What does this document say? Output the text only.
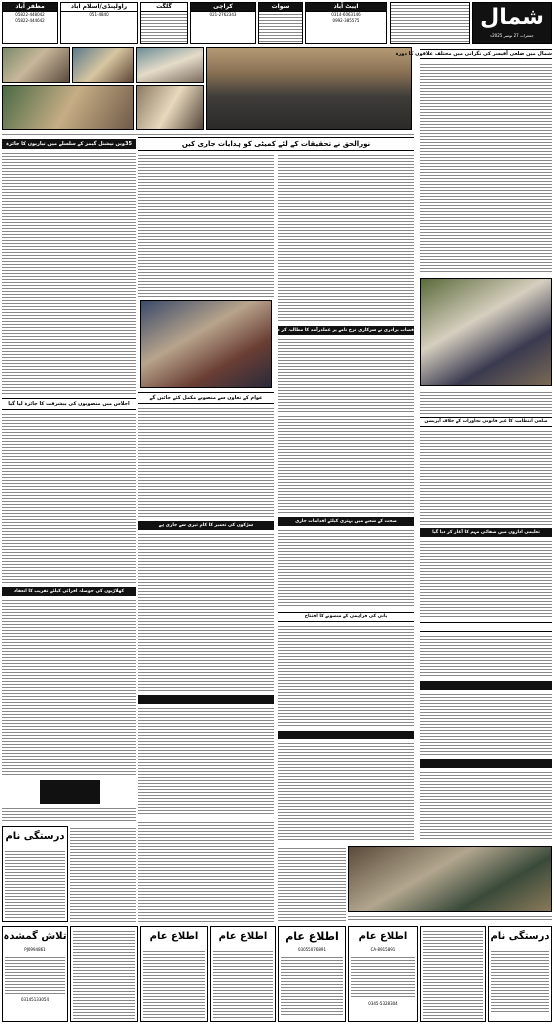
شمال
جمعرات 27 نومبر 2025ء
ایبٹ آباد
0314-6063146
0992-385575
سوات
کراچی
021-2762343
گلگت
راولپنڈی/اسلام آباد
051-4840
مظفر آباد
05822-448042
05822-444642
شمال میں ضلعی آفیسر کی نگرانی میں مختلف علاقوں کا دورہ
35ویں نیشنل گیمز کے سلسلے میں تیاریوں کا جائزہ	نورالحق نے تحقیقات کے لئے کمیٹی کو ہدایات جاری کیں
قصاب برادری نے سرکاری نرخ نامے پر عملدرآمد کا مطالبہ کر دیا
عوام کے تعاون سے منصوبے مکمل کئے جائیں گے
اجلاس میں منصوبوں کی پیشرفت کا جائزہ لیا گیا
ضلعی انتظامیہ کا غیر قانونی تجاوزات کے خلاف آپریشن
تعلیمی اداروں میں صفائی مہم کا آغاز کر دیا گیا
صحت کے شعبے میں بہتری کیلئے اقدامات جاری
سڑکوں کی تعمیر کا کام تیزی سے جاری ہے
کھلاڑیوں کی حوصلہ افزائی کیلئے تقریب کا انعقاد
پانی کی فراہمی کے منصوبے کا افتتاح
درستگی نام
درستگی نام
اطلاع عام
CA-8915891
0345-5328304
اطلاع عام
03055076891
اطلاع عام
اطلاع عام
تلاش گمشدہ
PJ0994861
03145133054
